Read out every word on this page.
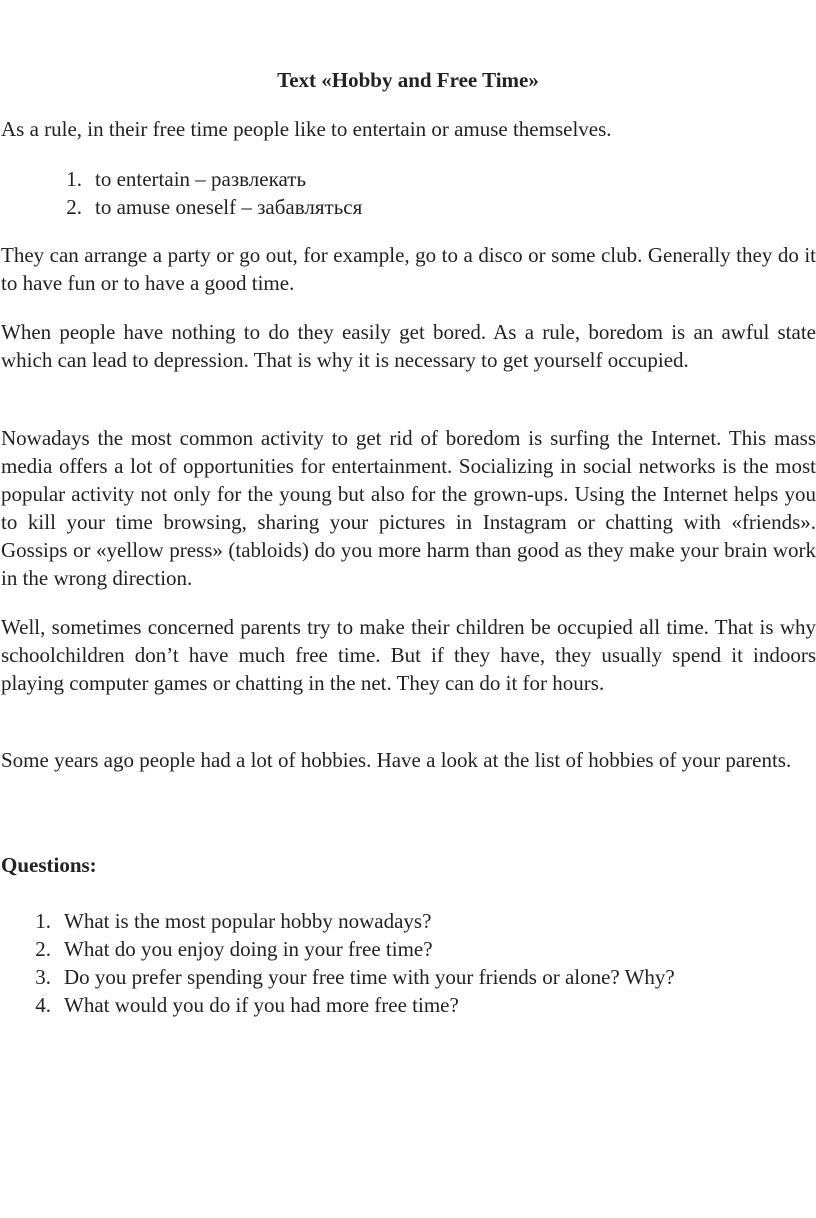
Text «Hobby and Free Time»

As a rule, in their free time people like to entertain or amuse themselves.

1. to entertain – развлекать
2. to amuse oneself – забавляться

They can arrange a party or go out, for example, go to a disco or some club. Generally they do it to have fun or to have a good time.

When people have nothing to do they easily get bored. As a rule, boredom is an awful state which can lead to depression. That is why it is necessary to get yourself occupied.

Nowadays the most common activity to get rid of boredom is surfing the Internet. This mass media offers a lot of opportunities for entertainment. Socializing in social networks is the most popular activity not only for the young but also for the grown-ups. Using the Internet helps you to kill your time browsing, sharing your pictures in Instagram or chatting with «friends». Gossips or «yellow press» (tabloids) do you more harm than good as they make your brain work in the wrong direction.

Well, sometimes concerned parents try to make their children be occupied all time. That is why schoolchildren don’t have much free time. But if they have, they usually spend it indoors playing computer games or chatting in the net. They can do it for hours.

Some years ago people had a lot of hobbies. Have a look at the list of hobbies of your parents.

Questions:
1. What is the most popular hobby nowadays?
2. What do you enjoy doing in your free time?
3. Do you prefer spending your free time with your friends or alone? Why?
4. What would you do if you had more free time?
